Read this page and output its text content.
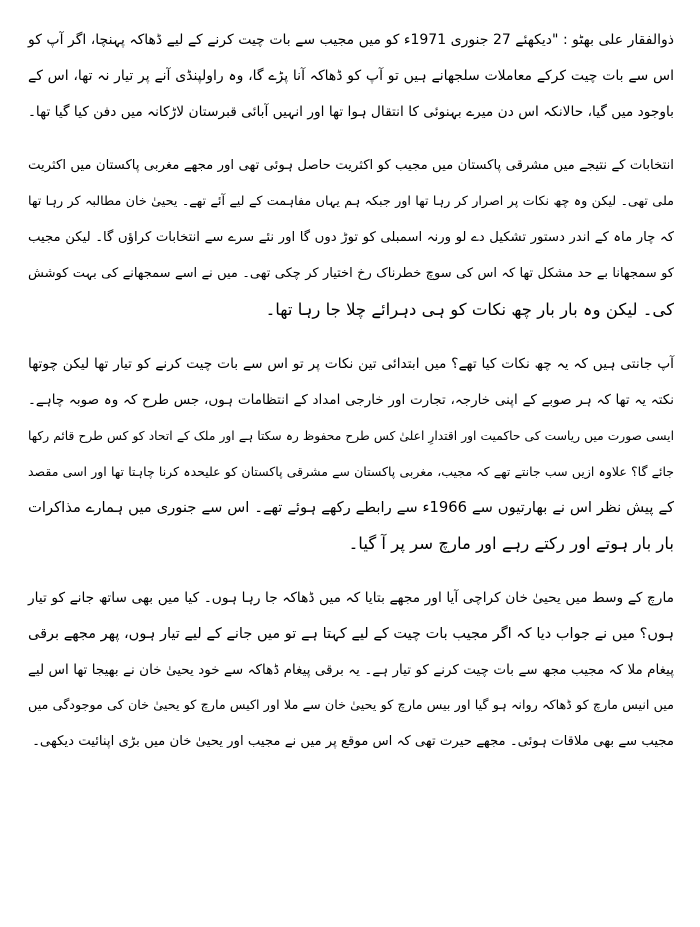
ذوالفقار علی بھٹو : "دیکھئے 27 جنوری 1971ء کو میں مجیب سے بات چیت کرنے کے لیے ڈھاکہ پہنچا، اگر آپ کو
اس سے بات چیت کرکے معاملات سلجھانے ہیں تو آپ کو ڈھاکہ آنا پڑے گا، وہ راولپنڈی آنے پر تیار نہ تھا، اس کے
باوجود میں گیا، حالانکہ اس دن میرے بہنوئی کا انتقال ہوا تھا اور انہیں آبائی قبرستان لاڑکانہ میں دفن کیا گیا تھا۔

انتخابات کے نتیجے میں مشرقی پاکستان میں مجیب کو اکثریت حاصل ہوئی تھی اور مجھے مغربی پاکستان میں اکثریت
ملی تھی۔ لیکن وہ چھ نکات پر اصرار کر رہا تھا اور جبکہ ہم یہاں مفاہمت کے لیے آئے تھے۔ یحییٰ خان مطالبہ کر رہا تھا
کہ چار ماہ کے اندر دستور تشکیل دے لو ورنہ اسمبلی کو توڑ دوں گا اور نئے سرے سے انتخابات کراؤں گا۔ لیکن مجیب
کو سمجھانا بے حد مشکل تھا کہ اس کی سوچ خطرناک رخ اختیار کر چکی تھی۔ میں نے اسے سمجھانے کی بہت کوشش
کی۔ لیکن وہ بار بار چھ نکات کو ہی دہرائے چلا جا رہا تھا۔

آپ جانتی ہیں کہ یہ چھ نکات کیا تھے؟ میں ابتدائی تین نکات پر تو اس سے بات چیت کرنے کو تیار تھا لیکن چوتھا
نکتہ یہ تھا کہ ہر صوبے کے اپنی خارجہ، تجارت اور خارجی امداد کے انتظامات ہوں، جس طرح کہ وہ صوبہ چاہے۔
ایسی صورت میں ریاست کی حاکمیت اور اقتدارِ اعلیٰ کس طرح محفوظ رہ سکتا ہے اور ملک کے اتحاد کو کس طرح قائم رکھا
جائے گا؟ علاوہ ازیں سب جانتے تھے کہ مجیب، مغربی پاکستان سے مشرقی پاکستان کو علیحدہ کرنا چاہتا تھا اور اسی مقصد
کے پیش نظر اس نے بھارتیوں سے 1966ء سے رابطے رکھے ہوئے تھے۔ اس سے جنوری میں ہمارے مذاکرات
بار بار ہوتے اور رکتے رہے اور مارچ سر پر آ گیا۔

مارچ کے وسط میں یحییٰ خان کراچی آیا اور مجھے بتایا کہ میں ڈھاکہ جا رہا ہوں۔ کیا میں بھی ساتھ جانے کو تیار
ہوں؟ میں نے جواب دیا کہ اگر مجیب بات چیت کے لیے کہتا ہے تو میں جانے کے لیے تیار ہوں، پھر مجھے برقی
پیغام ملا کہ مجیب مجھ سے بات چیت کرنے کو تیار ہے۔ یہ برقی پیغام ڈھاکہ سے خود یحییٰ خان نے بھیجا تھا اس لیے
میں انیس مارچ کو ڈھاکہ روانہ ہو گیا اور بیس مارچ کو یحییٰ خان سے ملا اور اکیس مارچ کو یحییٰ خان کی موجودگی میں
مجیب سے بھی ملاقات ہوئی۔ مجھے حیرت تھی کہ اس موقع پر میں نے مجیب اور یحییٰ خان میں بڑی اپنائیت دیکھی۔
